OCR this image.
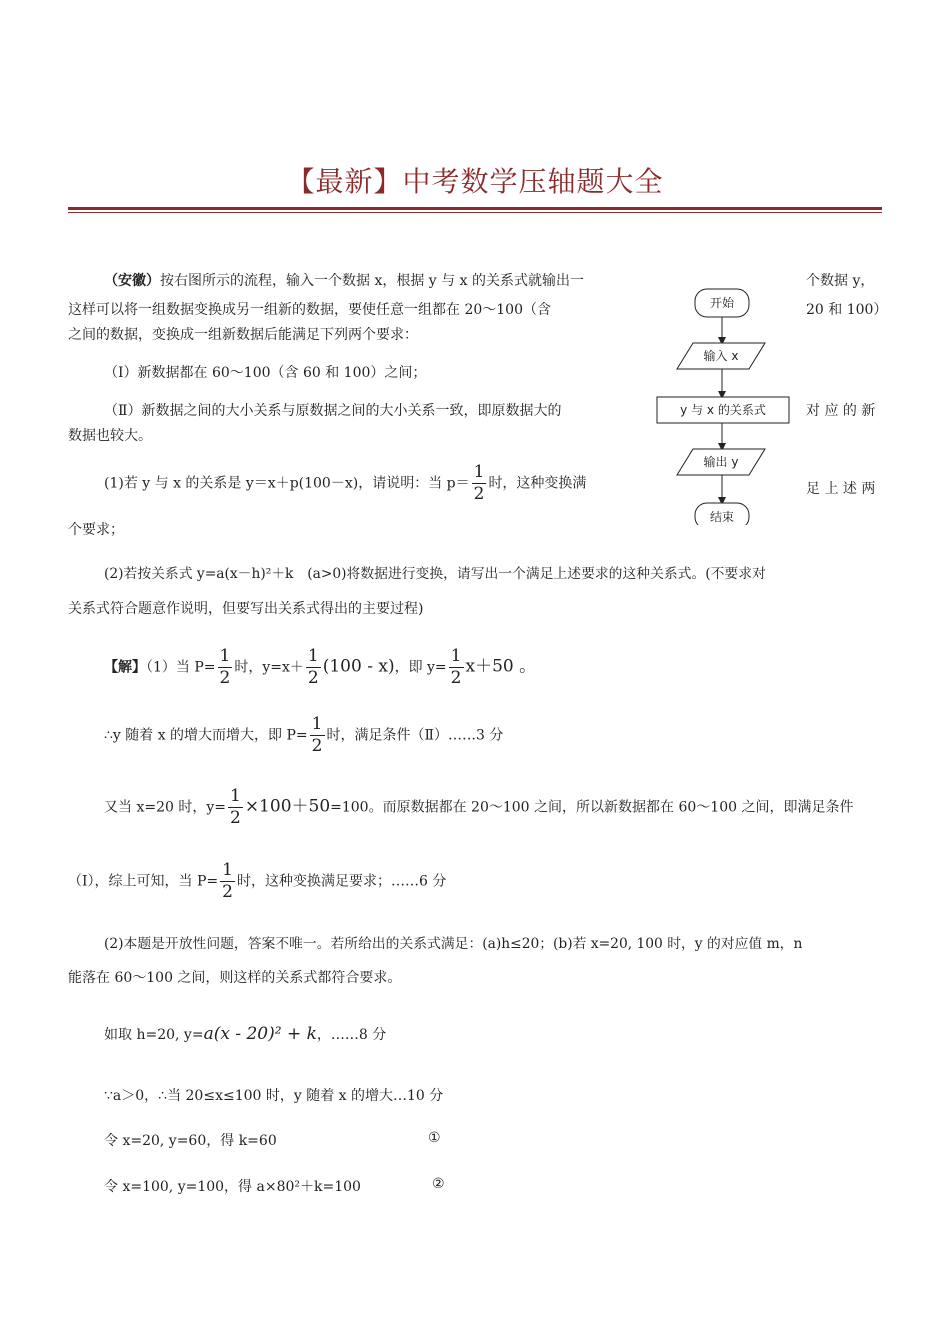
【最新】中考数学压轴题大全
（安徽）按右图所示的流程，输入一个数据 x，根据 y 与 x 的关系式就输出一	个数据 y，
这样可以将一组数据变换成另一组新的数据，要使任意一组都在 20～100（含	20 和 100）
之间的数据，变换成一组新数据后能满足下列两个要求：
（Ⅰ）新数据都在 60～100（含 60 和 100）之间；
（Ⅱ）新数据之间的大小关系与原数据之间的大小关系一致，即原数据大的	对 应 的 新
数据也较大。
(1)若 y 与 x 的关系是 y＝x＋p(100－x)，请说明：当 $p= \frac{1}{2}$ 时，这种变换满	足 上 述 两
个要求；
(2)若按关系式 y=a(x－h)²＋k　(a>0)将数据进行变换，请写出一个满足上述要求的这种关系式。(不要求对
关系式符合题意作说明，但要写出关系式得出的主要过程)
开始
输入 x
y 与 x 的关系式
输出 y
结束
【解】（1）当 $P= \frac{1}{2}$ 时，$y=x+ \frac{1}{2} (100 - x)$，即 $y= \frac{1}{2} x+50$ 。
∴y 随着 x 的增大而增大，即 $P= \frac{1}{2}$ 时，满足条件（Ⅱ）……3 分
又当 x=20 时，$y= \frac{1}{2} \times 100+50=100$。而原数据都在 20～100 之间，所以新数据都在 60～100 之间，即满足条件
（Ⅰ），综上可知，当 $P= \frac{1}{2}$ 时，这种变换满足要求；……6 分
(2)本题是开放性问题，答案不唯一。若所给出的关系式满足：(a)h≤20；(b)若 x=20, 100 时，y 的对应值 m，n
能落在 60～100 之间，则这样的关系式都符合要求。
如取 h=20, y=a(x - 20)² + k，……8 分
∵a＞0，∴当 20≤x≤100 时，y 随着 x 的增大…10 分
令 x=20, y=60，得 k=60	①
令 x=100, y=100，得 a×80²＋k=100	②
